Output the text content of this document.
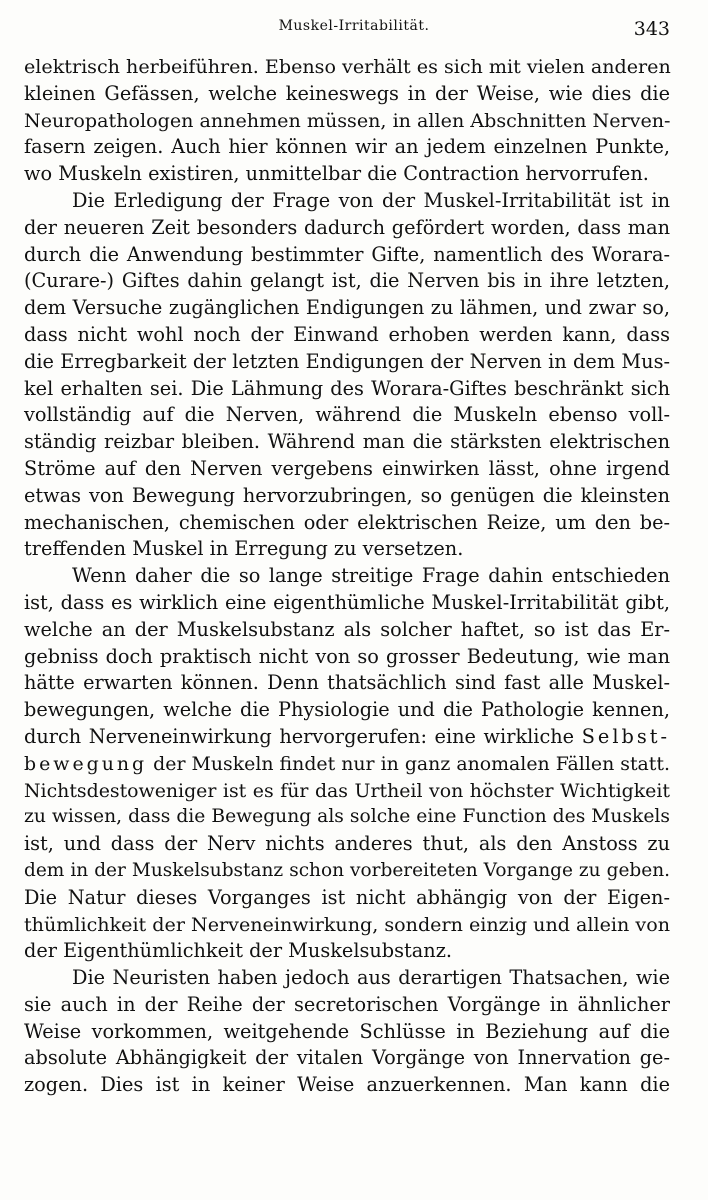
Muskel-Irritabilität.	343
elektrisch herbeiführen. Ebenso verhält es sich mit vielen anderen
kleinen Gefässen, welche keineswegs in der Weise, wie dies die
Neuropathologen annehmen müssen, in allen Abschnitten Nerven-
fasern zeigen. Auch hier können wir an jedem einzelnen Punkte,
wo Muskeln existiren, unmittelbar die Contraction hervorrufen.
Die Erledigung der Frage von der Muskel-Irritabilität ist in
der neueren Zeit besonders dadurch gefördert worden, dass man
durch die Anwendung bestimmter Gifte, namentlich des Worara-
(Curare-) Giftes dahin gelangt ist, die Nerven bis in ihre letzten,
dem Versuche zugänglichen Endigungen zu lähmen, und zwar so,
dass nicht wohl noch der Einwand erhoben werden kann, dass
die Erregbarkeit der letzten Endigungen der Nerven in dem Mus-
kel erhalten sei. Die Lähmung des Worara-Giftes beschränkt sich
vollständig auf die Nerven, während die Muskeln ebenso voll-
ständig reizbar bleiben. Während man die stärksten elektrischen
Ströme auf den Nerven vergebens einwirken lässt, ohne irgend
etwas von Bewegung hervorzubringen, so genügen die kleinsten
mechanischen, chemischen oder elektrischen Reize, um den be-
treffenden Muskel in Erregung zu versetzen.
Wenn daher die so lange streitige Frage dahin entschieden
ist, dass es wirklich eine eigenthümliche Muskel-Irritabilität gibt,
welche an der Muskelsubstanz als solcher haftet, so ist das Er-
gebniss doch praktisch nicht von so grosser Bedeutung, wie man
hätte erwarten können. Denn thatsächlich sind fast alle Muskel-
bewegungen, welche die Physiologie und die Pathologie kennen,
durch Nerveneinwirkung hervorgerufen: eine wirkliche Selbst-
bewegung der Muskeln findet nur in ganz anomalen Fällen statt.
Nichtsdestoweniger ist es für das Urtheil von höchster Wichtigkeit
zu wissen, dass die Bewegung als solche eine Function des Muskels
ist, und dass der Nerv nichts anderes thut, als den Anstoss zu
dem in der Muskelsubstanz schon vorbereiteten Vorgange zu geben.
Die Natur dieses Vorganges ist nicht abhängig von der Eigen-
thümlichkeit der Nerveneinwirkung, sondern einzig und allein von
der Eigenthümlichkeit der Muskelsubstanz.
Die Neuristen haben jedoch aus derartigen Thatsachen, wie
sie auch in der Reihe der secretorischen Vorgänge in ähnlicher
Weise vorkommen, weitgehende Schlüsse in Beziehung auf die
absolute Abhängigkeit der vitalen Vorgänge von Innervation ge-
zogen. Dies ist in keiner Weise anzuerkennen. Man kann die
